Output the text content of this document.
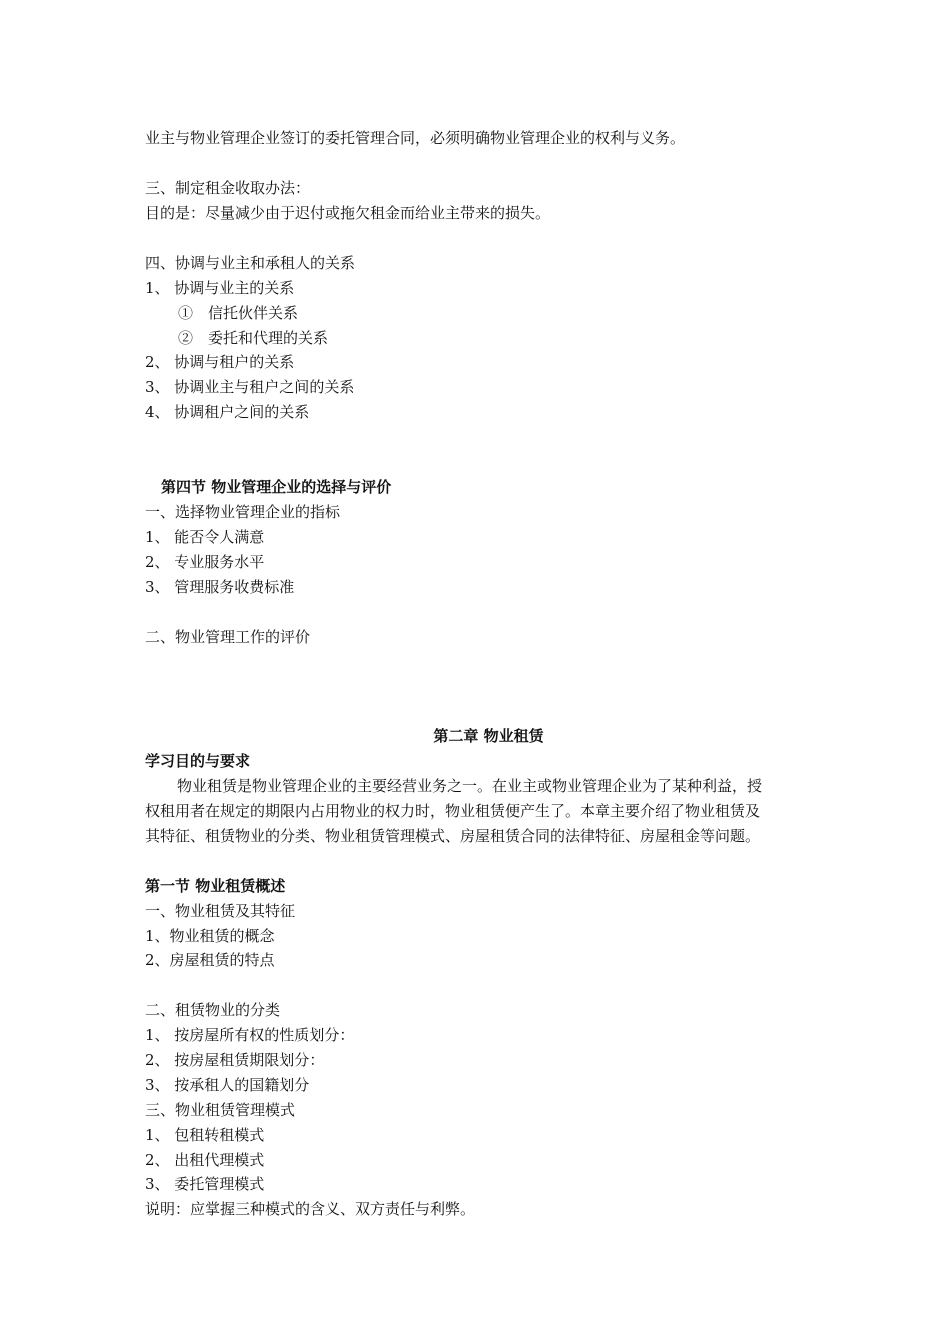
业主与物业管理企业签订的委托管理合同，必须明确物业管理企业的权利与义务。
三、制定租金收取办法：
目的是：尽量减少由于迟付或拖欠租金而给业主带来的损失。
四、协调与业主和承租人的关系
1、 协调与业主的关系
①　信托伙伴关系
②　委托和代理的关系
2、 协调与租户的关系
3、 协调业主与租户之间的关系
4、 协调租户之间的关系
第四节 物业管理企业的选择与评价
一、选择物业管理企业的指标
1、 能否令人满意
2、 专业服务水平
3、 管理服务收费标准
二、物业管理工作的评价
第二章 物业租赁
学习目的与要求
物业租赁是物业管理企业的主要经营业务之一。在业主或物业管理企业为了某种利益，授
权租用者在规定的期限内占用物业的权力时，物业租赁便产生了。本章主要介绍了物业租赁及
其特征、租赁物业的分类、物业租赁管理模式、房屋租赁合同的法律特征、房屋租金等问题。
第一节 物业租赁概述
一、物业租赁及其特征
1、物业租赁的概念
2、房屋租赁的特点
二、租赁物业的分类
1、 按房屋所有权的性质划分：
2、 按房屋租赁期限划分：
3、 按承租人的国籍划分
三、物业租赁管理模式
1、 包租转租模式
2、 出租代理模式
3、 委托管理模式
说明：应掌握三种模式的含义、双方责任与利弊。
